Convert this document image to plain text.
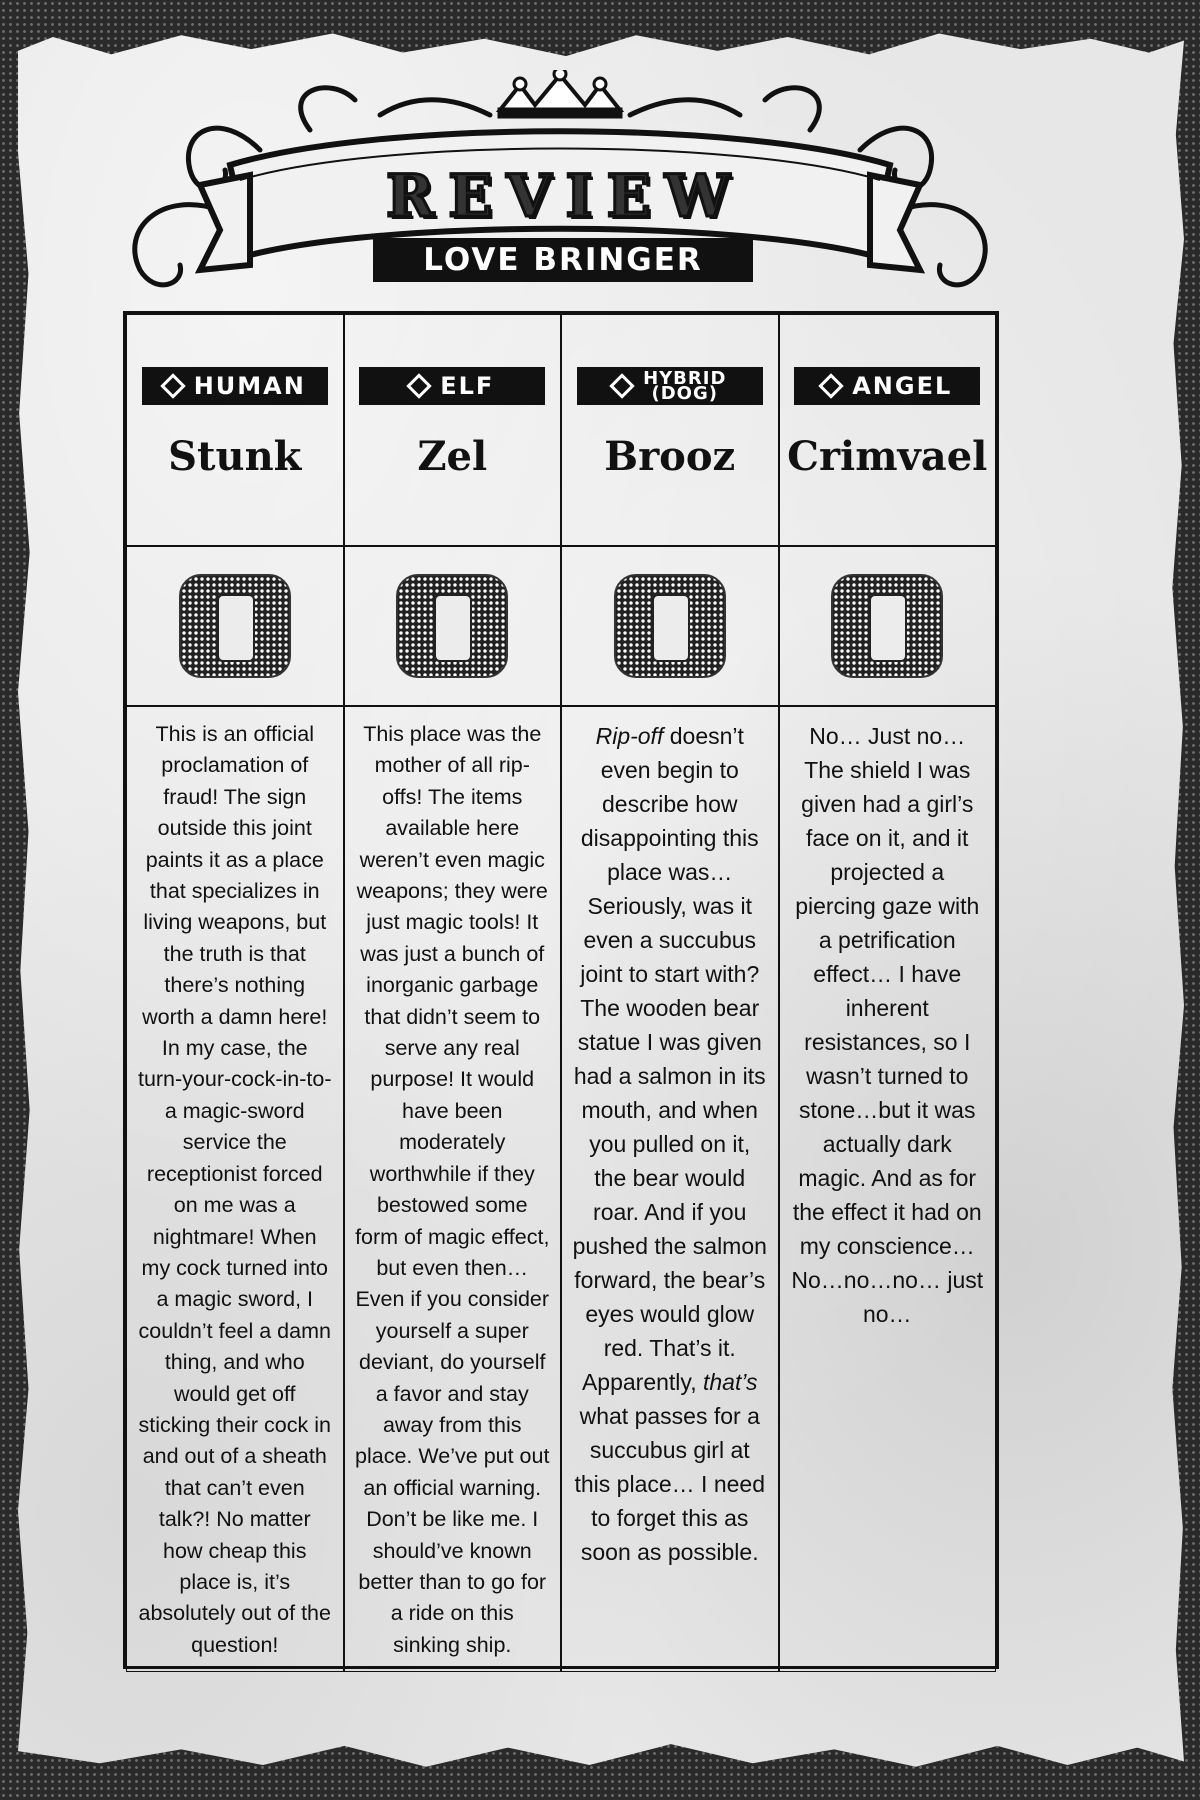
REVIEW
LOVE BRINGER
HUMAN
Stunk
ELF
Zel
HYBRID
(DOG)
Brooz
ANGEL
Crimvael
This is an official proclamation of fraud! The sign outside this joint paints it as a place that specializes in living weapons, but the truth is that there’s nothing worth a damn here! In my case, the turn-your-cock-in-to-a magic-sword service the receptionist forced on me was a nightmare! When my cock turned into a magic sword, I couldn’t feel a damn thing, and who would get off sticking their cock in and out of a sheath that can’t even talk?! No matter how cheap this place is, it’s absolutely out of the question!
This place was the mother of all rip-offs! The items available here weren’t even magic weapons; they were just magic tools! It was just a bunch of inorganic garbage that didn’t seem to serve any real purpose! It would have been moderately worthwhile if they bestowed some form of magic effect, but even then… Even if you consider yourself a super deviant, do yourself a favor and stay away from this place. We’ve put out an official warning. Don’t be like me. I should’ve known better than to go for a ride on this sinking ship.
Rip-off doesn’t even begin to describe how disappointing this place was… Seriously, was it even a succubus joint to start with? The wooden bear statue I was given had a salmon in its mouth, and when you pulled on it, the bear would roar. And if you pushed the salmon forward, the bear’s eyes would glow red. That’s it. Apparently, that’s what passes for a succubus girl at this place… I need to forget this as soon as possible.
No… Just no… The shield I was given had a girl’s face on it, and it projected a piercing gaze with a petrification effect… I have inherent resistances, so I wasn’t turned to stone…but it was actually dark magic. And as for the effect it had on my conscience… No…no…no… just no…
